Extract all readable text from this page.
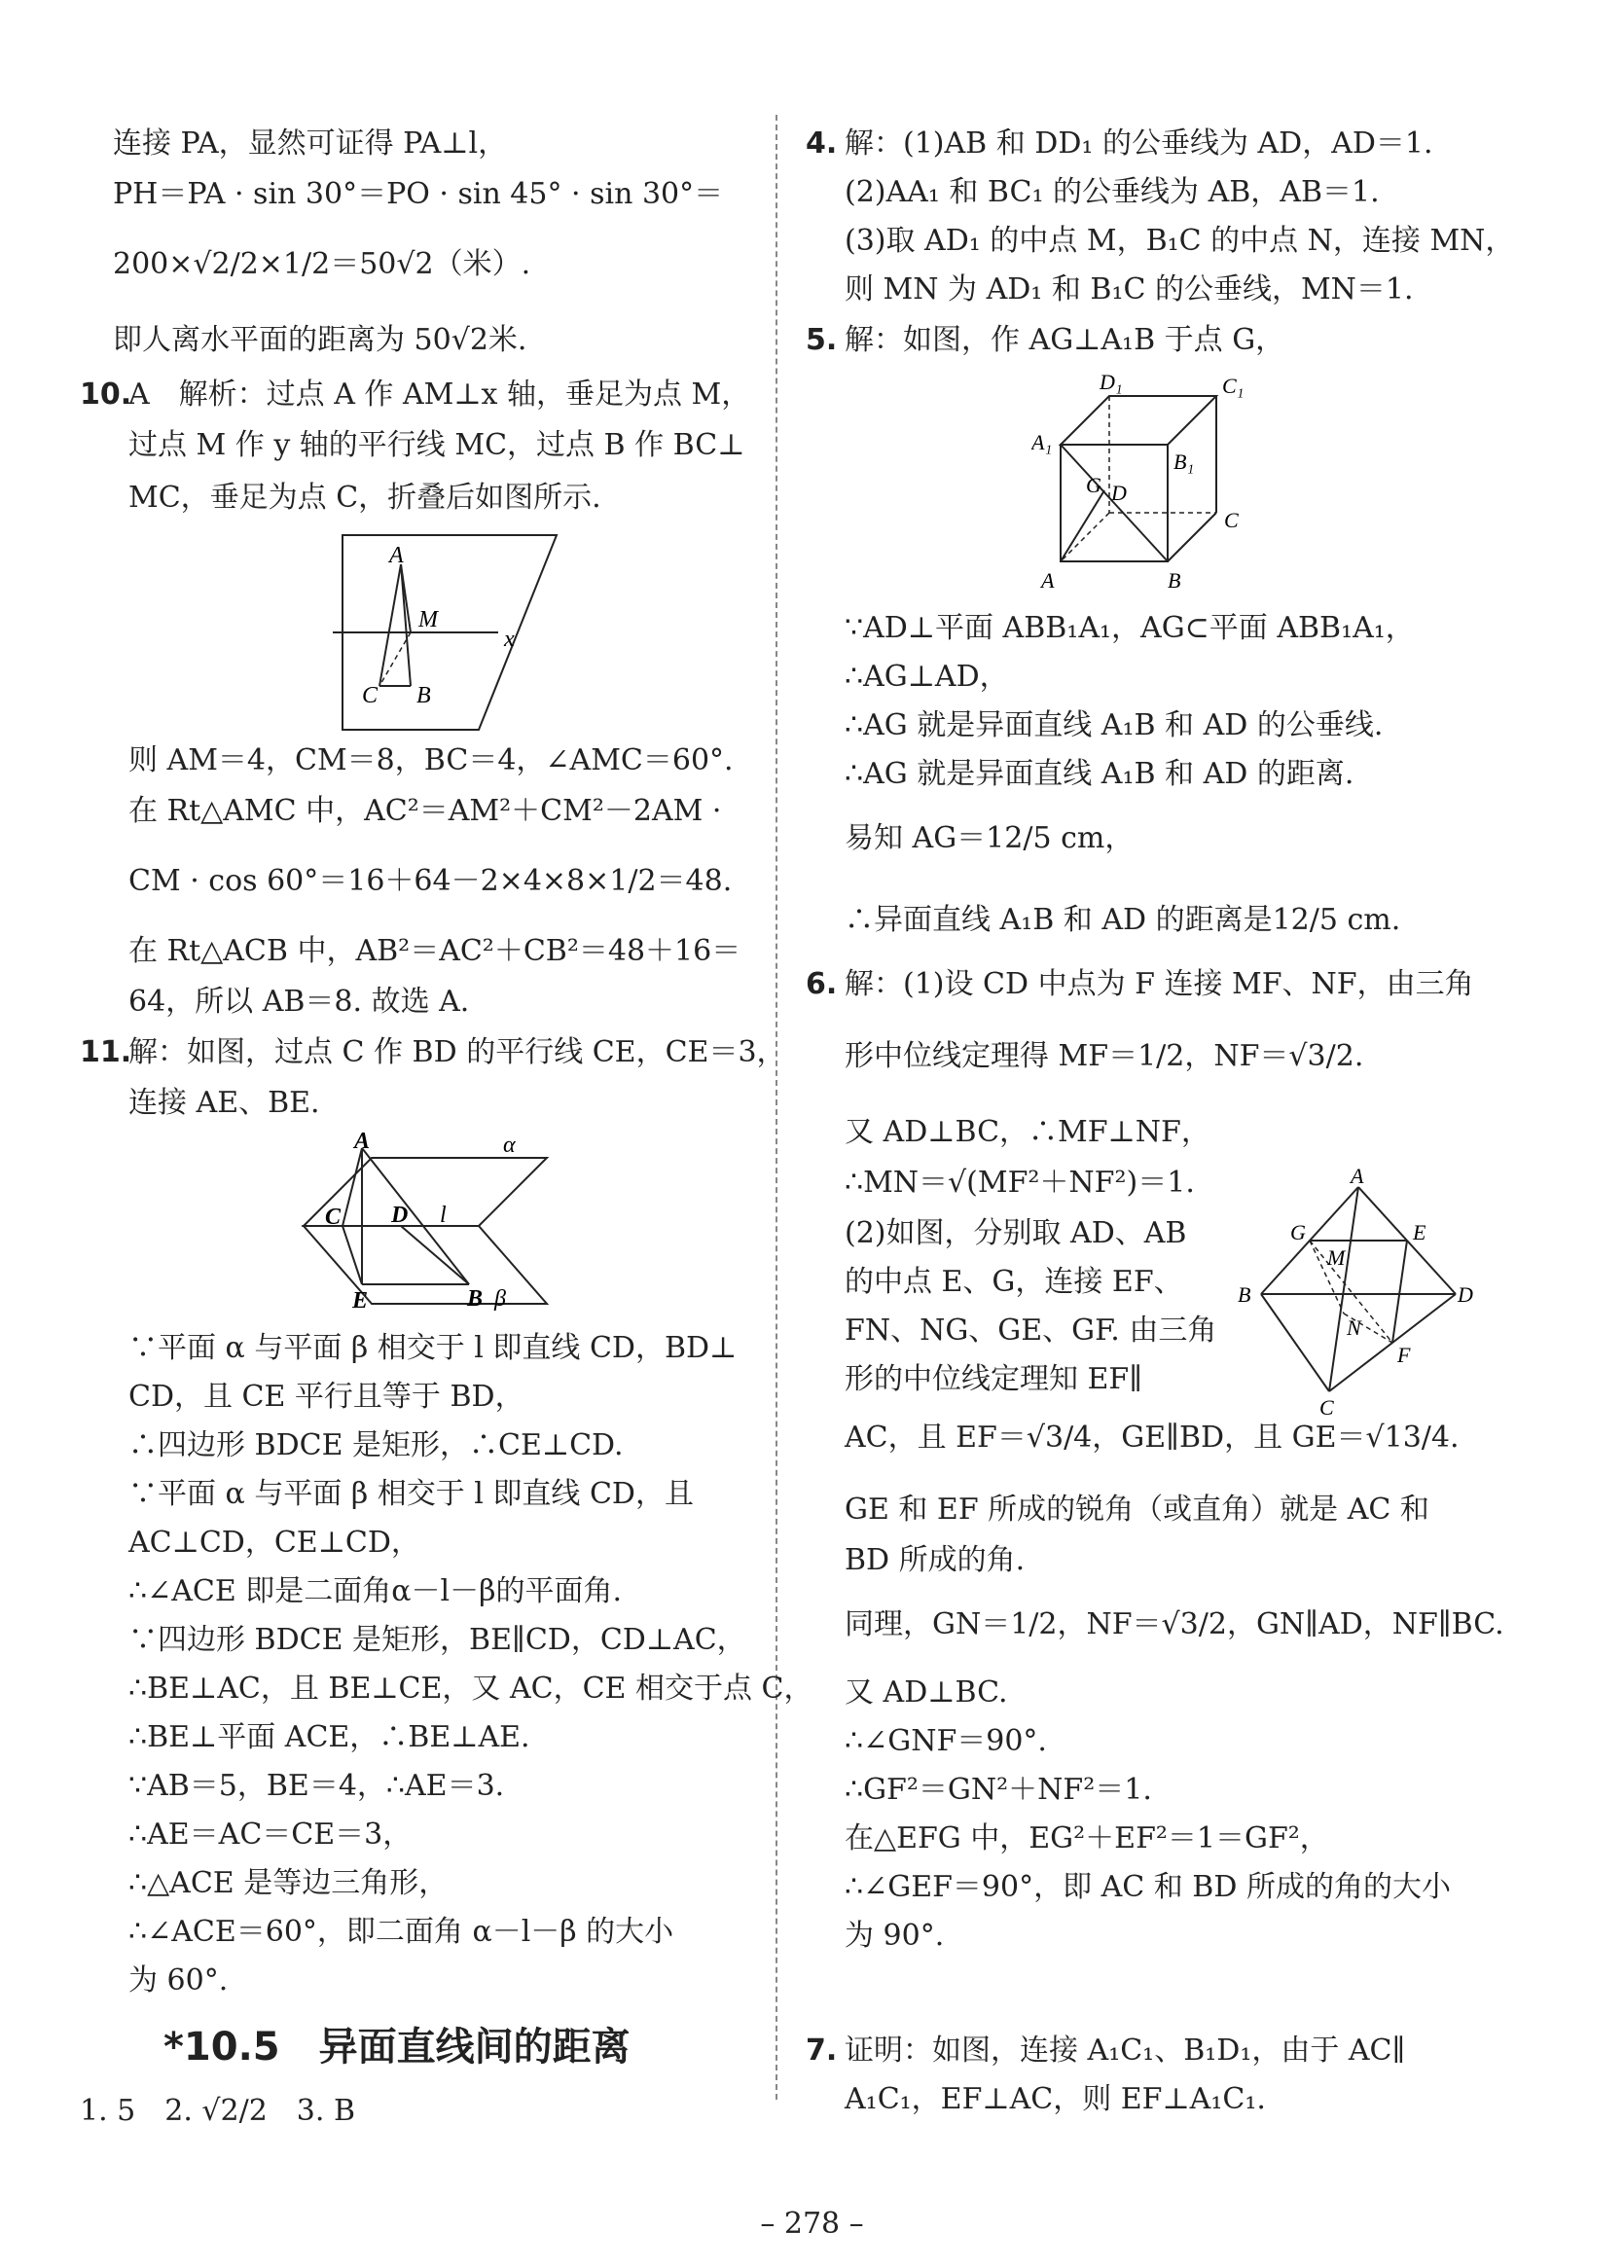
连接 PA，显然可证得 PA⊥l，
PH＝PA · sin 30°＝PO · sin 45° · sin 30°＝
200×√2/2×1/2＝50√2（米）.
即人离水平面的距离为 50√2米.
10.
A　解析：过点 A 作 AM⊥x 轴，垂足为点 M，
过点 M 作 y 轴的平行线 MC，过点 B 作 BC⊥
MC，垂足为点 C，折叠后如图所示.
A
M
C B
x
则 AM＝4，CM＝8，BC＝4，∠AMC＝60°.
在 Rt△AMC 中，AC²＝AM²＋CM²－2AM ·
CM · cos 60°＝16＋64－2×4×8×1/2＝48.
在 Rt△ACB 中，AB²＝AC²＋CB²＝48＋16＝
64，所以 AB＝8. 故选 A.
11.
解：如图，过点 C 作 BD 的平行线 CE，CE＝3，
连接 AE、BE.
A	α
C D l
E	B β
∵平面 α 与平面 β 相交于 l 即直线 CD，BD⊥
CD，且 CE 平行且等于 BD，
∴四边形 BDCE 是矩形，∴CE⊥CD.
∵平面 α 与平面 β 相交于 l 即直线 CD，且
AC⊥CD，CE⊥CD，
∴∠ACE 即是二面角α－l－β的平面角.
∵四边形 BDCE 是矩形，BE∥CD，CD⊥AC，
∴BE⊥AC，且 BE⊥CE，又 AC，CE 相交于点 C，
∴BE⊥平面 ACE，∴BE⊥AE.
∵AB＝5，BE＝4，∴AE＝3.
∴AE＝AC＝CE＝3，
∴△ACE 是等边三角形，
∴∠ACE＝60°，即二面角 α－l－β 的大小
为 60°.
*10.5　异面直线间的距离
1. 5　2. √2/2　3. B
4. 解：(1)AB 和 DD₁ 的公垂线为 AD，AD＝1.
(2)AA₁ 和 BC₁ 的公垂线为 AB，AB＝1.
(3)取 AD₁ 的中点 M，B₁C 的中点 N，连接 MN，
则 MN 为 AD₁ 和 B₁C 的公垂线，MN＝1.
5. 解：如图，作 AG⊥A₁B 于点 G，
D₁	C₁
A₁
B₁
G D
C
A	B
∵AD⊥平面 ABB₁A₁，AG⊂平面 ABB₁A₁，
∴AG⊥AD，
∴AG 就是异面直线 A₁B 和 AD 的公垂线.
∴AG 就是异面直线 A₁B 和 AD 的距离.
易知 AG＝12/5 cm，
∴异面直线 A₁B 和 AD 的距离是12/5 cm.
6. 解：(1)设 CD 中点为 F 连接 MF、NF，由三角
形中位线定理得 MF＝1/2，NF＝√3/2.
又 AD⊥BC，∴MF⊥NF，
∴MN＝√(MF²＋NF²)＝1.
(2)如图，分别取 AD、AB
的中点 E、G，连接 EF、
FN、NG、GE、GF. 由三角
形的中位线定理知 EF∥
A
G	E
M
B	D
N
F
C
AC，且 EF＝√3/4，GE∥BD，且 GE＝√13/4.
GE 和 EF 所成的锐角（或直角）就是 AC 和
BD 所成的角.
同理，GN＝1/2，NF＝√3/2，GN∥AD，NF∥BC.
又 AD⊥BC.
∴∠GNF＝90°.
∴GF²＝GN²＋NF²＝1.
在△EFG 中，EG²＋EF²＝1＝GF²，
∴∠GEF＝90°，即 AC 和 BD 所成的角的大小
为 90°.
7. 证明：如图，连接 A₁C₁、B₁D₁，由于 AC∥
A₁C₁，EF⊥AC，则 EF⊥A₁C₁.
– 278 –
